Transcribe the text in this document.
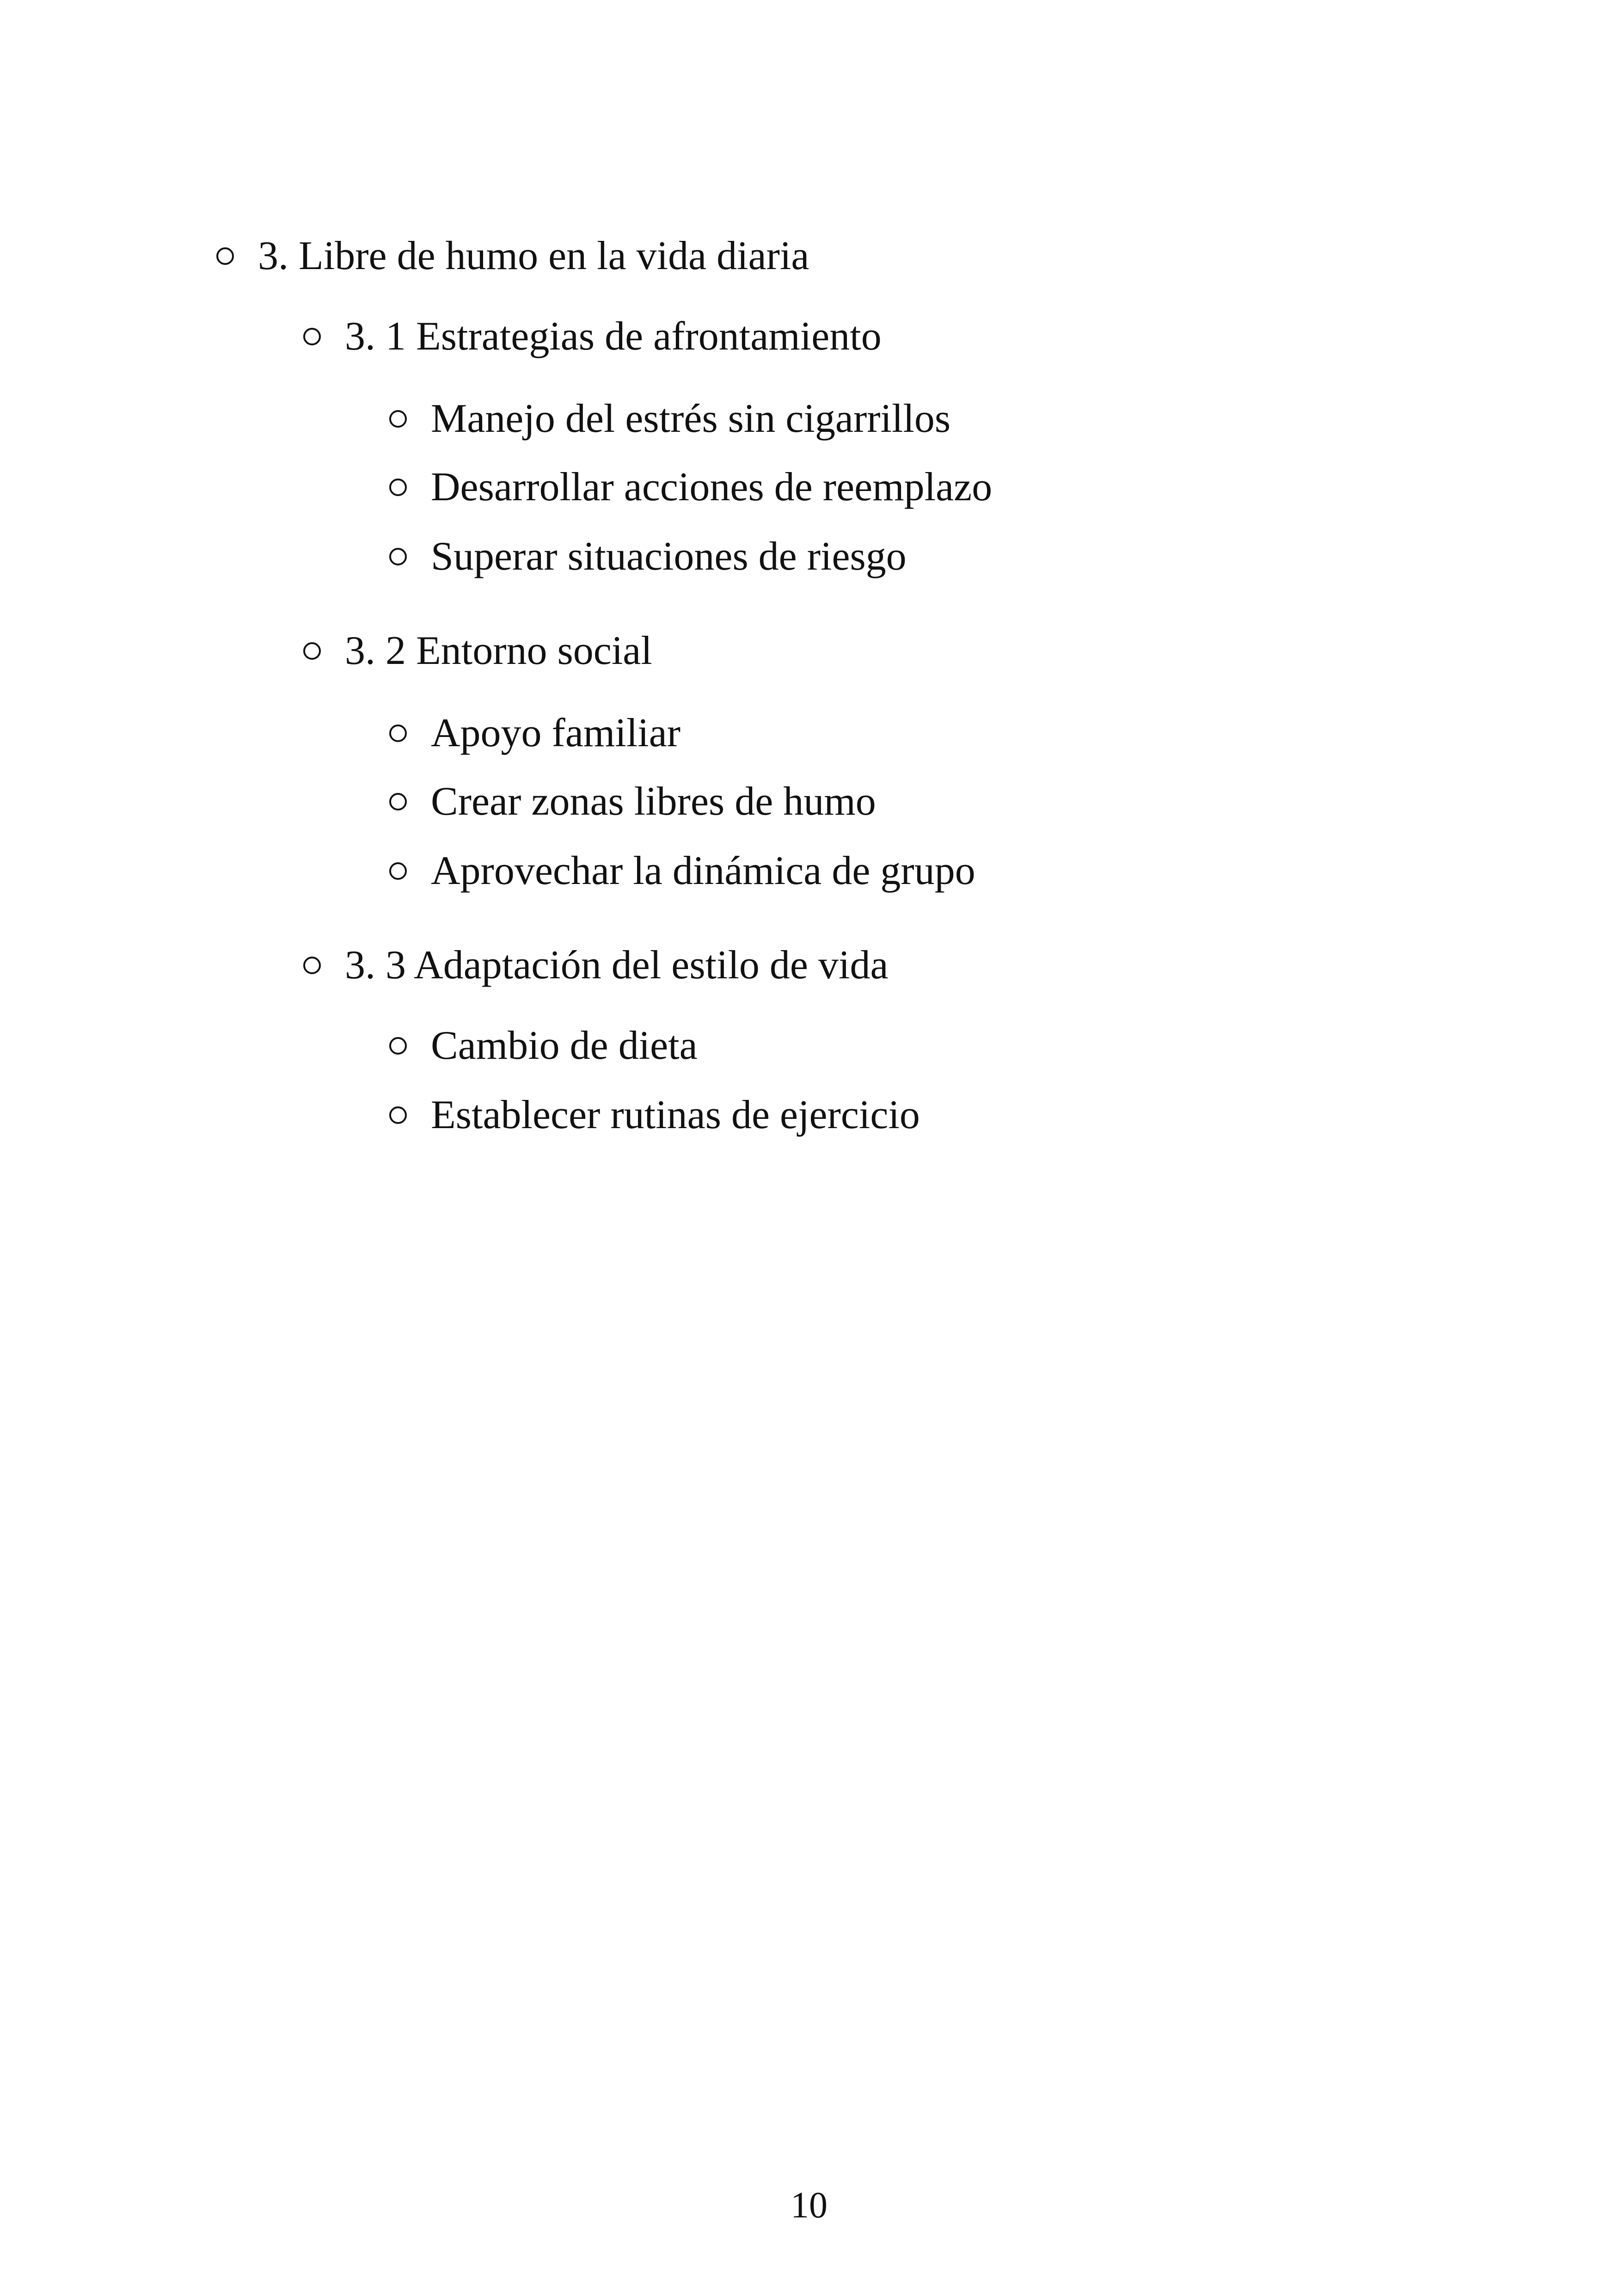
3. Libre de humo en la vida diaria
3. 1 Estrategias de afrontamiento
Manejo del estrés sin cigarrillos
Desarrollar acciones de reemplazo
Superar situaciones de riesgo
3. 2 Entorno social
Apoyo familiar
Crear zonas libres de humo
Aprovechar la dinámica de grupo
3. 3 Adaptación del estilo de vida
Cambio de dieta
Establecer rutinas de ejercicio
10
